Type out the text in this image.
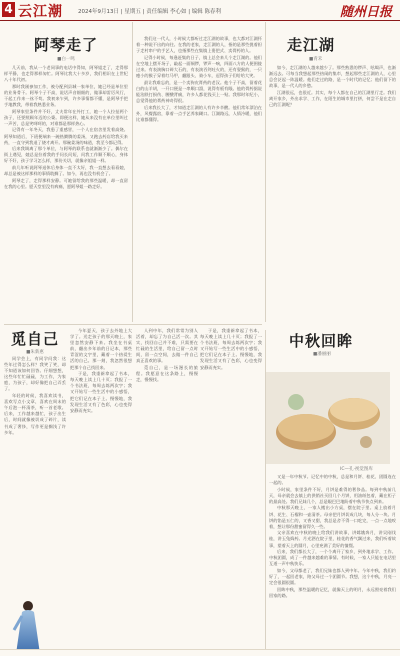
4 云江潮	2024年9月13日 | 星期五 | 责任编辑 李心如 | 编辑 陈春利	随州日报
阿琴走了
■白一鸣

几天前，我从一个老同事的电话中得知，阿琴姐走了，走得那样平静，也走得那样匆忙。阿琴比我大十多岁，我们相识在上世纪八十年代初。

那时我刚参加工作，被分配到县城一家单位，她已经是单位里的业务骨干。阿琴个子不高，说话声音细细的，做事却雷厉风行，干起工作来一丝不苟。我初来乍到，许多事情都不懂，是阿琴手把手地教我，带着我熟悉业务。

阿琴家里条件并不好，丈夫常年在外打工，她一个人拉扯两个孩子，还要照顾年迈的公婆。即便这样，她从来没有在单位里叫过一声苦，总是笑呵呵的，对谁都是那样热心。

记得有一年冬天，我患了重感冒，一个人在宿舍里发着高烧。阿琴知道后，下班便端来一碗热腾腾的姜汤，又跑去药店给我买来药，一直守到我退了烧才离开。那碗姜汤的味道，我至今都记得。

后来我调离了那个单位，与阿琴的联系也就渐渐少了。偶尔在街上遇见，她总是拉着我的手问长问短，问我工作顺不顺心，身体好不好，孩子学习怎么样，那份关切，就像亲姐姐一样。

前几年听说阿琴退休后身体一直不太好，我一直想去看看她，却总是被这样那样的事情耽搁了。如今，再也没有机会了。

阿琴走了，走得那样安静。可她留给我的那些温暖，却一直留在我的心里。愿天堂里没有病痛，愿阿琴姐一路走好。

我们这一代人，小时候大都听过走江湖的故事，也大都对江湖怀着一种说不出的向往。在我的老家，走江湖的人，指的是那些挑着担子走村串户的手艺人，也指那些在集镇上耍把式、卖膏药的人。

记得小时候，每逢赶集的日子，镇上总会来几个走江湖的。他们在空地上摆开场子，敲起一面铜锣，锣声一响，四面八方的人便围拢过来。有表演胸口碎大石的，有表演吞剑吐火的，还有耍猴的，一只瘦小的猴子穿着红马甲，翻跟头、骑小车，逗得孩子们哈哈大笑。

最让我难忘的，是一个卖狗皮膏药的老汉。他个子不高，留着花白的山羊胡，一开口便是一串顺口溜，说得有板有眼。他的膏药据说能治跌打损伤、腰酸背痛，许多人都花钱买上一贴。我那时年纪小，总觉得他的膏药神奇得很。

后来我长大了，才知道走江湖的人有许多辛酸。他们常年漂泊在外，风餐露宿，靠着一点手艺养家糊口。江湖路远，人情冷暖，他们比谁都懂得。

走江湖
■青禾

如今，走江湖的人越来越少了。那些熟悉的锣声、吆喝声，也渐渐远去。可每当我想起那些热闹的集市，想起那些走江湖的人，心里总会泛起一阵温暖。他们走过的路，是一个时代的记忆；他们留下的故事，是一代人的乡愁。

江湖很远，也很近。其实，每个人都在自己的江湖里行走。我们离开家乡，外出求学、工作，在陌生的城市里打拼，何尝不是在走自己的江湖呢？

觅自己
■朱新惠

同学会上，有同学问我：这些年过得怎么样？我笑了笑，却不知道该如何回答。仔细想想，这些年忙忙碌碌，为工作，为家庭，为孩子，却好像把自己弄丢了。

年轻的时候，我喜欢读书，喜欢写点小文章，喜欢在周末的午后泡一杯清茶，听一首老歌。后来，工作越来越忙，孩子出生后，时间就像被切成了碎片，读书成了奢侈，写作更是搁浅了许多年。

今年夏天，孩子去外地上大学了。送走孩子的那天晚上，家里忽然安静下来。我坐在书桌前，翻出多年前的日记本，那些青涩的文字里，藏着一个热爱生活的自己。那一刻，我忽然很想把那个自己找回来。

于是，我重新拿起了书本，每天晚上读上几十页；我报了一个书法班，每周去练两次字；我又开始写一些生活中的小感悟，把它们记在本子上。慢慢地，我发现生活又有了色彩，心也变得安静而充实。

人到中年，我们常常为别人活着，却忘了为自己活一次。其实，找回自己并不难，只需要在忙碌的生活里，给自己留一点时间，留一点空间，去做一件自己真正喜欢的事。

觅自己，是一场漫长的旅程。我愿意在这条路上，慢慢走，慢慢找。

于是，我重新拿起了书本，每天晚上读上几十页；我报了一个书法班，每周去练两次字；我又开始写一些生活中的小感悟，把它们记在本子上。慢慢地，我发现生活又有了色彩，心也变得安静而充实。

中秋回眸
■潘丽丽
IC—孔·视觉图库

又是一年中秋节。记忆中的中秋，总是和月饼、桂花、团圆连在一起的。

小时候，家里条件不好，月饼是难得的奢侈品。每到中秋前几天，母亲就会去镇上的供销社买回几个月饼，用油纸包着，藏在柜子的最高处。我们兄妹几个，总是眼巴巴地盼着中秋节快点到来。

中秋那天晚上，一家人搬出小方桌，摆在院子里。桌上放着月饼、花生、石榴和一壶清茶。母亲把月饼切成几块，每人分一块。月饼的馅是五仁的，又香又甜，我总是舍不得一口吃完，一点一点地咬着，想让那份甜蜜留得久一些。

父亲喜欢在中秋的晚上给我们讲故事，讲嫦娥奔月，讲吴刚伐桂，讲玉兔捣药。月光洒在院子里，桂花的香气飘过来，我们听着故事，望着天上的圆月，心里充满了美好的憧憬。

后来，我们都长大了，一个个离开了家乡，到外地求学、工作。中秋团圆，成了一件越来越难的事情。有时候，一家人只能在电话里互道一声中秋快乐。

如今，父母都老了，我们兄妹也都人到中年。今年中秋，我们约好了，一起回老家，陪父母过一个团圆节。我想，这个中秋，月亮一定会很圆很圆。

回眸中秋，那些温暖的记忆，就像天上的明月，永远照亮着我们回家的路。
